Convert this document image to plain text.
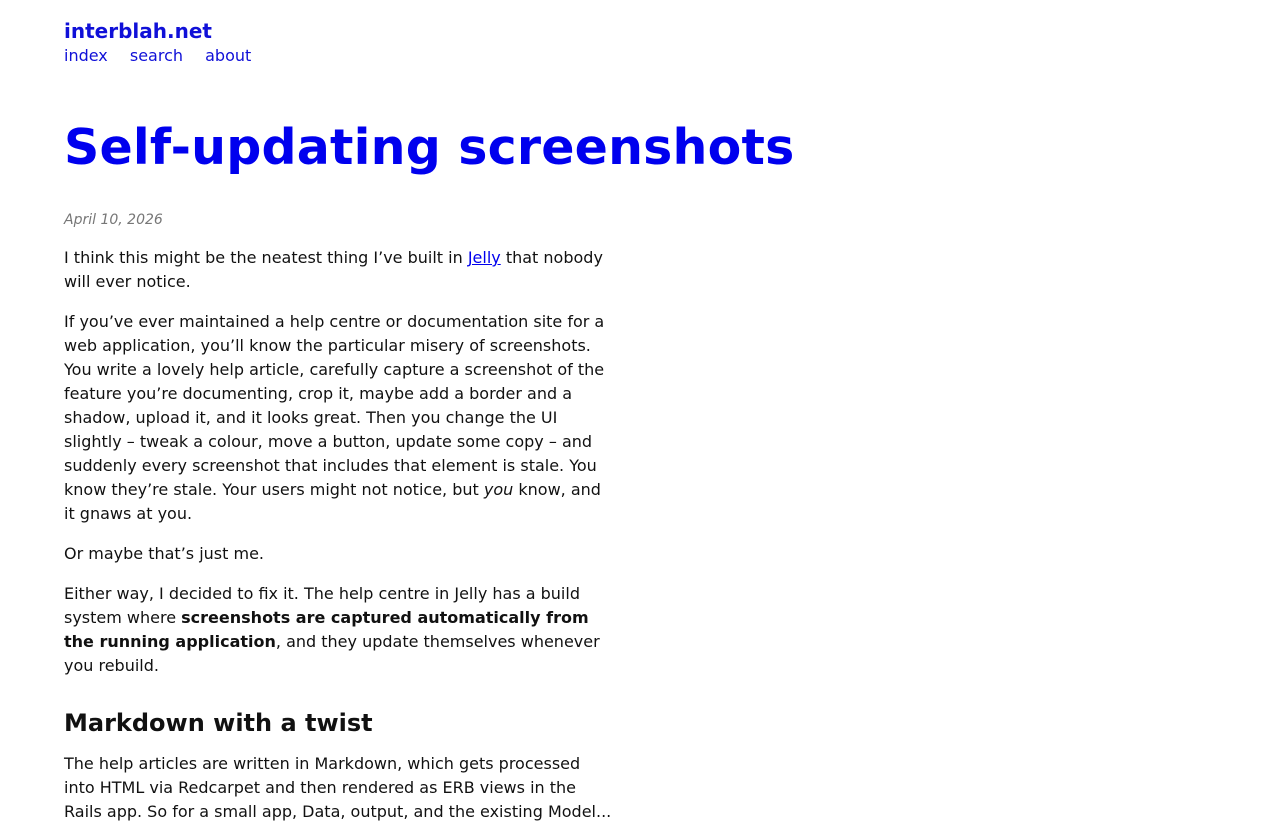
interblah.net
index search about
Self-updating screenshots
April 10, 2026

I think this might be the neatest thing I’ve built in Jelly that nobody will ever notice.

If you’ve ever maintained a help centre or documentation site for a web application, you’ll know the particular misery of screenshots. You write a lovely help article, carefully capture a screenshot of the feature you’re documenting, crop it, maybe add a border and a shadow, upload it, and it looks great. Then you change the UI slightly – tweak a colour, move a button, update some copy – and suddenly every screenshot that includes that element is stale. You know they’re stale. Your users might not notice, but you know, and it gnaws at you.

Or maybe that’s just me.

Either way, I decided to fix it. The help centre in Jelly has a build system where screenshots are captured automatically from the running application, and they update themselves whenever you rebuild.

Markdown with a twist

The help articles are written in Markdown, which gets processed into HTML via Redcarpet and then rendered as ERB views in the Rails app. So for a small app, Data, output, and the existing Model...
